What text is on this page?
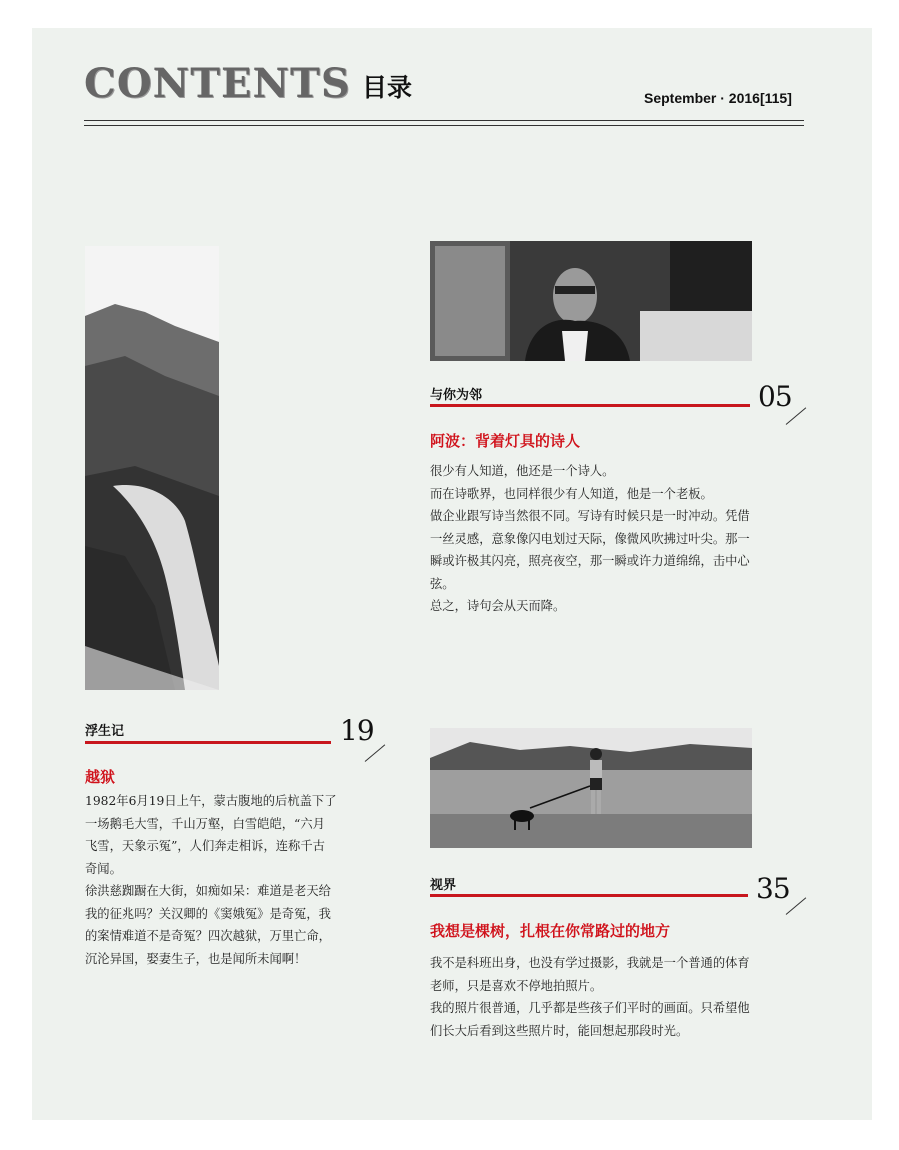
CONTENTS 目录	September · 2016[115]
与你为邻	05
阿波：背着灯具的诗人

很少有人知道，他还是一个诗人。

而在诗歌界，也同样很少有人知道，他是一个老板。

做企业跟写诗当然很不同。写诗有时候只是一时冲动。凭借一丝灵感，意象像闪电划过天际，像微风吹拂过叶尖。那一瞬或许极其闪亮，照亮夜空，那一瞬或许力道绵绵，击中心弦。

总之，诗句会从天而降。

浮生记	19
越狱

1982年6月19日上午，蒙古腹地的后杭盖下了一场鹅毛大雪，千山万壑，白雪皑皑，“六月飞雪，天象示冤”，人们奔走相诉，连称千古奇闻。

徐洪慈踟蹰在大街，如痴如呆：难道是老天给我的征兆吗？关汉卿的《窦娥冤》是奇冤，我的案情难道不是奇冤？四次越狱，万里亡命，沉沦异国，娶妻生子，也是闻所未闻啊！

视界	35
我想是棵树，扎根在你常路过的地方

我不是科班出身，也没有学过摄影，我就是一个普通的体育老师，只是喜欢不停地拍照片。

我的照片很普通，几乎都是些孩子们平时的画面。只希望他们长大后看到这些照片时，能回想起那段时光。
